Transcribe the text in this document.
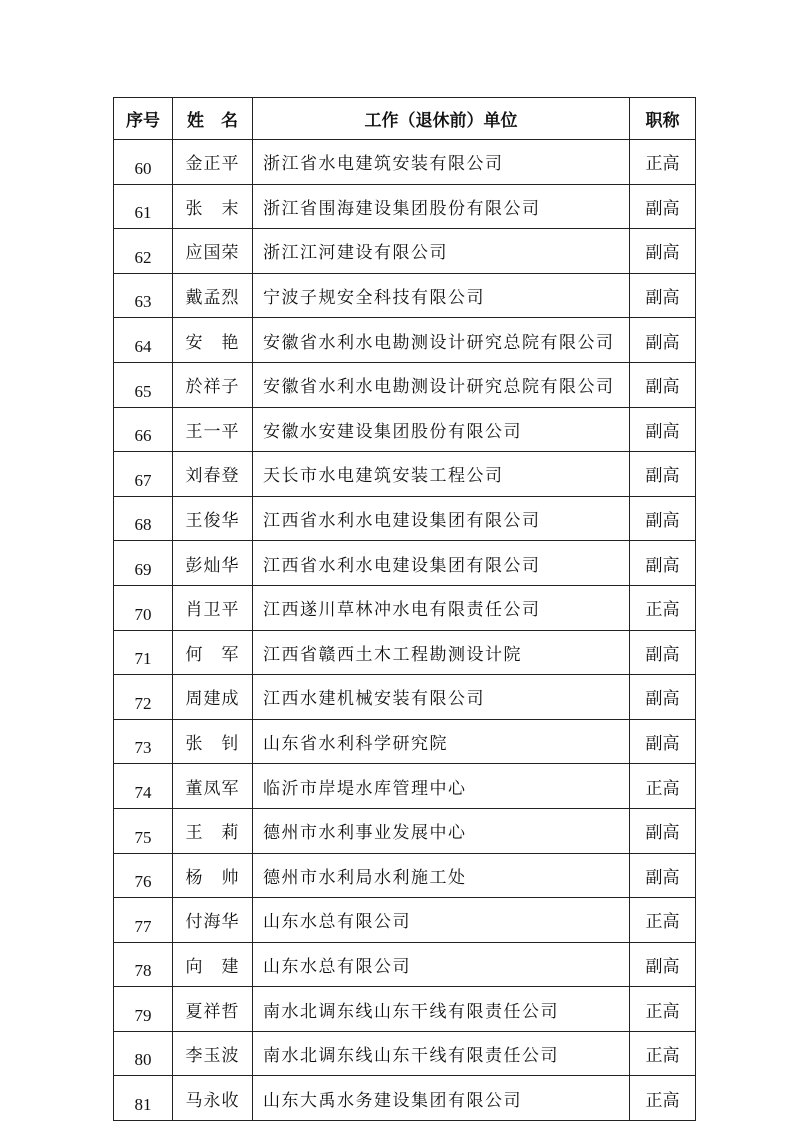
序号	姓　名	工作（退休前）单位	职称
60	金正平	浙江省水电建筑安装有限公司	正高
61	张　末	浙江省围海建设集团股份有限公司	副高
62	应国荣	浙江江河建设有限公司	副高
63	戴孟烈	宁波子规安全科技有限公司	副高
64	安　艳	安徽省水利水电勘测设计研究总院有限公司	副高
65	於祥子	安徽省水利水电勘测设计研究总院有限公司	副高
66	王一平	安徽水安建设集团股份有限公司	副高
67	刘春登	天长市水电建筑安装工程公司	副高
68	王俊华	江西省水利水电建设集团有限公司	副高
69	彭灿华	江西省水利水电建设集团有限公司	副高
70	肖卫平	江西遂川草林冲水电有限责任公司	正高
71	何　军	江西省赣西土木工程勘测设计院	副高
72	周建成	江西水建机械安装有限公司	副高
73	张　钊	山东省水利科学研究院	副高
74	董凤军	临沂市岸堤水库管理中心	正高
75	王　莉	德州市水利事业发展中心	副高
76	杨　帅	德州市水利局水利施工处	副高
77	付海华	山东水总有限公司	正高
78	向　建	山东水总有限公司	副高
79	夏祥哲	南水北调东线山东干线有限责任公司	正高
80	李玉波	南水北调东线山东干线有限责任公司	正高
81	马永收	山东大禹水务建设集团有限公司	正高
